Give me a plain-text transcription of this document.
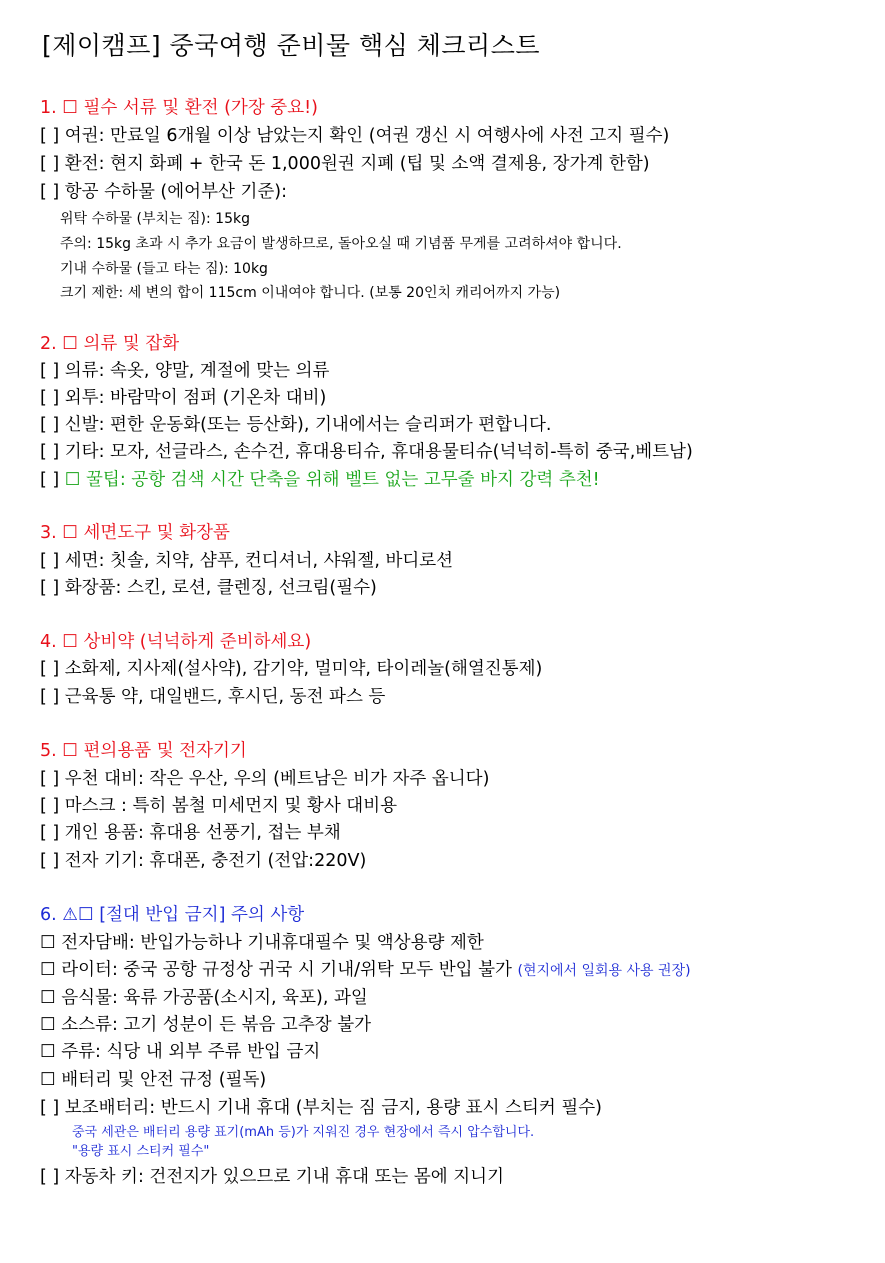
[제이캠프] 중국여행 준비물 핵심 체크리스트
1. ☐ 필수 서류 및 환전 (가장 중요!)
[ ] 여권: 만료일 6개월 이상 남았는지 확인 (여권 갱신 시 여행사에 사전 고지 필수)
[ ] 환전: 현지 화폐 + 한국 돈 1,000원권 지폐 (팁 및 소액 결제용, 장가계 한함)
[ ] 항공 수하물 (에어부산 기준):
위탁 수하물 (부치는 짐): 15kg
주의: 15kg 초과 시 추가 요금이 발생하므로, 돌아오실 때 기념품 무게를 고려하셔야 합니다.
기내 수하물 (들고 타는 짐): 10kg
크기 제한: 세 변의 합이 115cm 이내여야 합니다. (보통 20인치 캐리어까지 가능)
2. ☐ 의류 및 잡화
[ ] 의류: 속옷, 양말, 계절에 맞는 의류
[ ] 외투: 바람막이 점퍼 (기온차 대비)
[ ] 신발: 편한 운동화(또는 등산화), 기내에서는 슬리퍼가 편합니다.
[ ] 기타: 모자, 선글라스, 손수건, 휴대용티슈, 휴대용물티슈(넉넉히-특히 중국,베트남)
[ ] ☐ 꿀팁: 공항 검색 시간 단축을 위해 벨트 없는 고무줄 바지 강력 추천!
3. ☐ 세면도구 및 화장품
[ ] 세면: 칫솔, 치약, 샴푸, 컨디셔너, 샤워젤, 바디로션
[ ] 화장품: 스킨, 로션, 클렌징, 선크림(필수)
4. ☐ 상비약 (넉넉하게 준비하세요)
[ ] 소화제, 지사제(설사약), 감기약, 멀미약, 타이레놀(해열진통제)
[ ] 근육통 약, 대일밴드, 후시딘, 동전 파스 등
5. ☐ 편의용품 및 전자기기
[ ] 우천 대비: 작은 우산, 우의 (베트남은 비가 자주 옵니다)
[ ] 마스크 : 특히 봄철 미세먼지 및 황사 대비용
[ ] 개인 용품: 휴대용 선풍기, 접는 부채
[ ] 전자 기기: 휴대폰, 충전기 (전압:220V)
6. ⚠☐ [절대 반입 금지] 주의 사항
☐ 전자담배: 반입가능하나 기내휴대필수 및 액상용량 제한
☐ 라이터: 중국 공항 규정상 귀국 시 기내/위탁 모두 반입 불가 (현지에서 일회용 사용 권장)
☐ 음식물: 육류 가공품(소시지, 육포), 과일
☐ 소스류: 고기 성분이 든 볶음 고추장 불가
☐ 주류: 식당 내 외부 주류 반입 금지
☐ 배터리 및 안전 규정 (필독)
[ ] 보조배터리: 반드시 기내 휴대 (부치는 짐 금지, 용량 표시 스티커 필수)
중국 세관은 배터리 용량 표기(mAh 등)가 지워진 경우 현장에서 즉시 압수합니다.
"용량 표시 스티커 필수"
[ ] 자동차 키: 건전지가 있으므로 기내 휴대 또는 몸에 지니기
